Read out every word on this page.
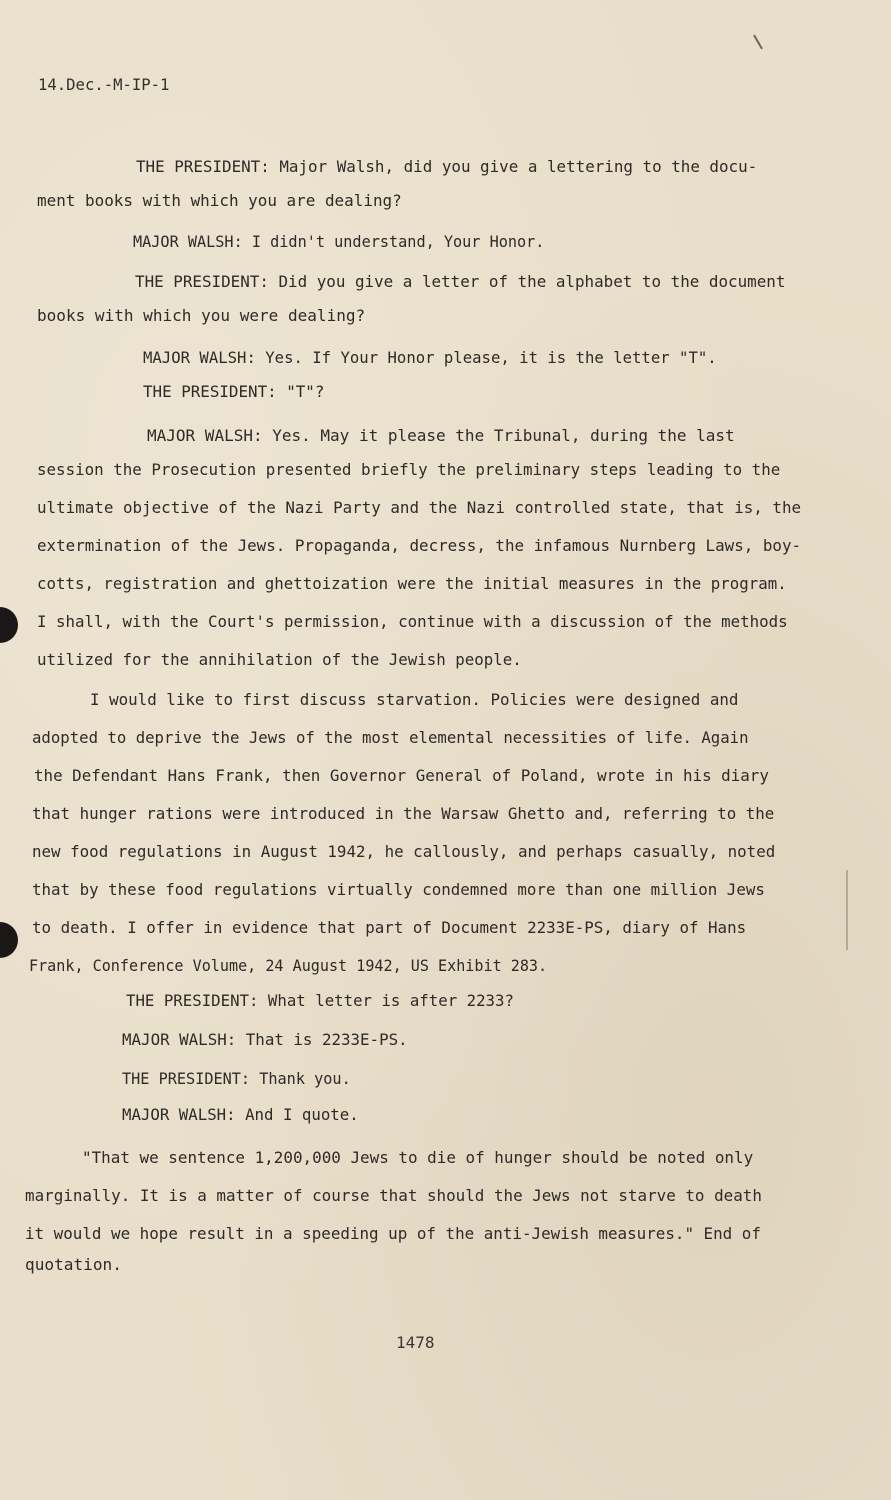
14.Dec.-M-IP-1
THE PRESIDENT: Major Walsh, did you give a lettering to the docu-
ment books with which you are dealing?
MAJOR WALSH: I didn't understand, Your Honor.
THE PRESIDENT: Did you give a letter of the alphabet to the document
books with which you were dealing?
MAJOR WALSH: Yes. If Your Honor please, it is the letter "T".
THE PRESIDENT: "T"?
MAJOR WALSH: Yes. May it please the Tribunal, during the last
session the Prosecution presented briefly the preliminary steps leading to the
ultimate objective of the Nazi Party and the Nazi controlled state, that is, the
extermination of the Jews. Propaganda, decress, the infamous Nurnberg Laws, boy-
cotts, registration and ghettoization were the initial measures in the program.
I shall, with the Court's permission, continue with a discussion of the methods
utilized for the annihilation of the Jewish people.
I would like to first discuss starvation. Policies were designed and
adopted to deprive the Jews of the most elemental necessities of life. Again
the Defendant Hans Frank, then Governor General of Poland, wrote in his diary
that hunger rations were introduced in the Warsaw Ghetto and, referring to the
new food regulations in August 1942, he callously, and perhaps casually, noted
that by these food regulations virtually condemned more than one million Jews
to death. I offer in evidence that part of Document 2233E-PS, diary of Hans
Frank, Conference Volume, 24 August 1942, US Exhibit 283.
THE PRESIDENT: What letter is after 2233?
MAJOR WALSH: That is 2233E-PS.
THE PRESIDENT: Thank you.
MAJOR WALSH: And I quote.
"That we sentence 1,200,000 Jews to die of hunger should be noted only
marginally. It is a matter of course that should the Jews not starve to death
it would we hope result in a speeding up of the anti-Jewish measures." End of
quotation.
1478
